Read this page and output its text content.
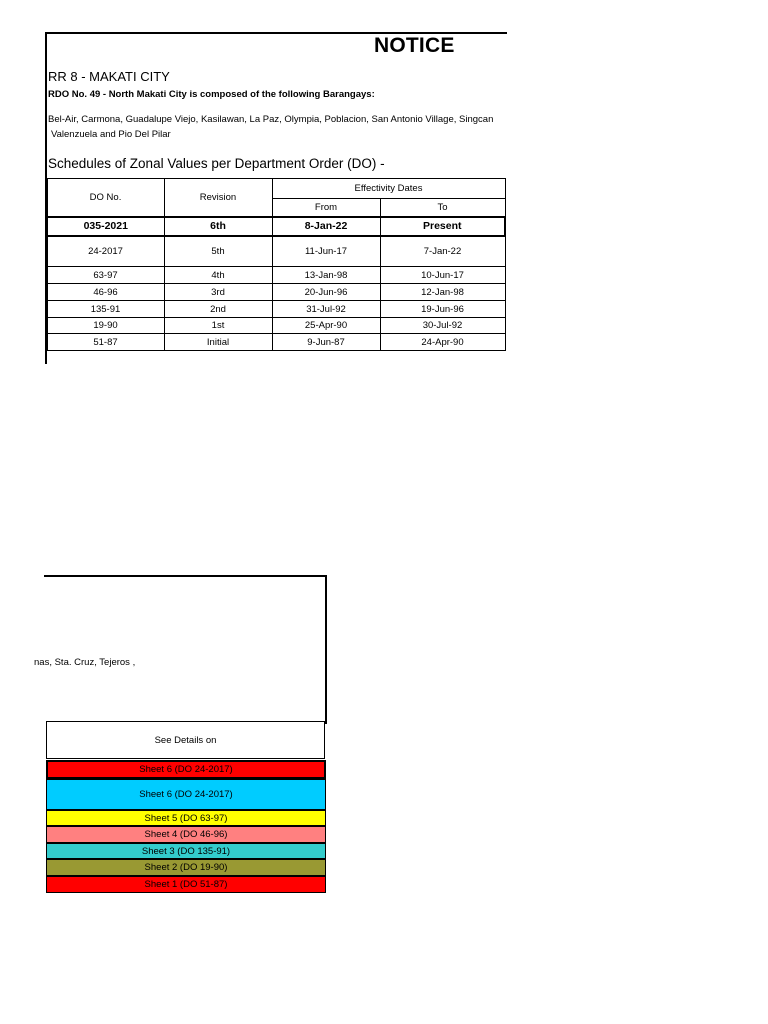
NOTICE
RR 8 - MAKATI CITY
RDO No. 49 - North Makati City is composed of the following Barangays:
Bel-Air, Carmona, Guadalupe Viejo, Kasilawan, La Paz, Olympia, Poblacion, San Antonio Village, Singcan
Valenzuela and Pio Del Pilar
Schedules of Zonal Values per Department Order (DO) -
DO No.	Revision	Effectivity Dates	
		From	To
035-2021	6th	8-Jan-22	Present
24-2017	5th	11-Jun-17	7-Jan-22
63-97	4th	13-Jan-98	10-Jun-17
46-96	3rd	20-Jun-96	12-Jan-98
135-91	2nd	31-Jul-92	19-Jun-96
19-90	1st	25-Apr-90	30-Jul-92
51-87	Initial	9-Jun-87	24-Apr-90
nas, Sta. Cruz, Tejeros ,
See Details on
Sheet 6 (DO 24-2017)
Sheet 6 (DO 24-2017)
Sheet 5 (DO 63-97)
Sheet 4 (DO 46-96)
Sheet 3 (DO 135-91)
Sheet 2 (DO 19-90)
Sheet 1 (DO 51-87)
